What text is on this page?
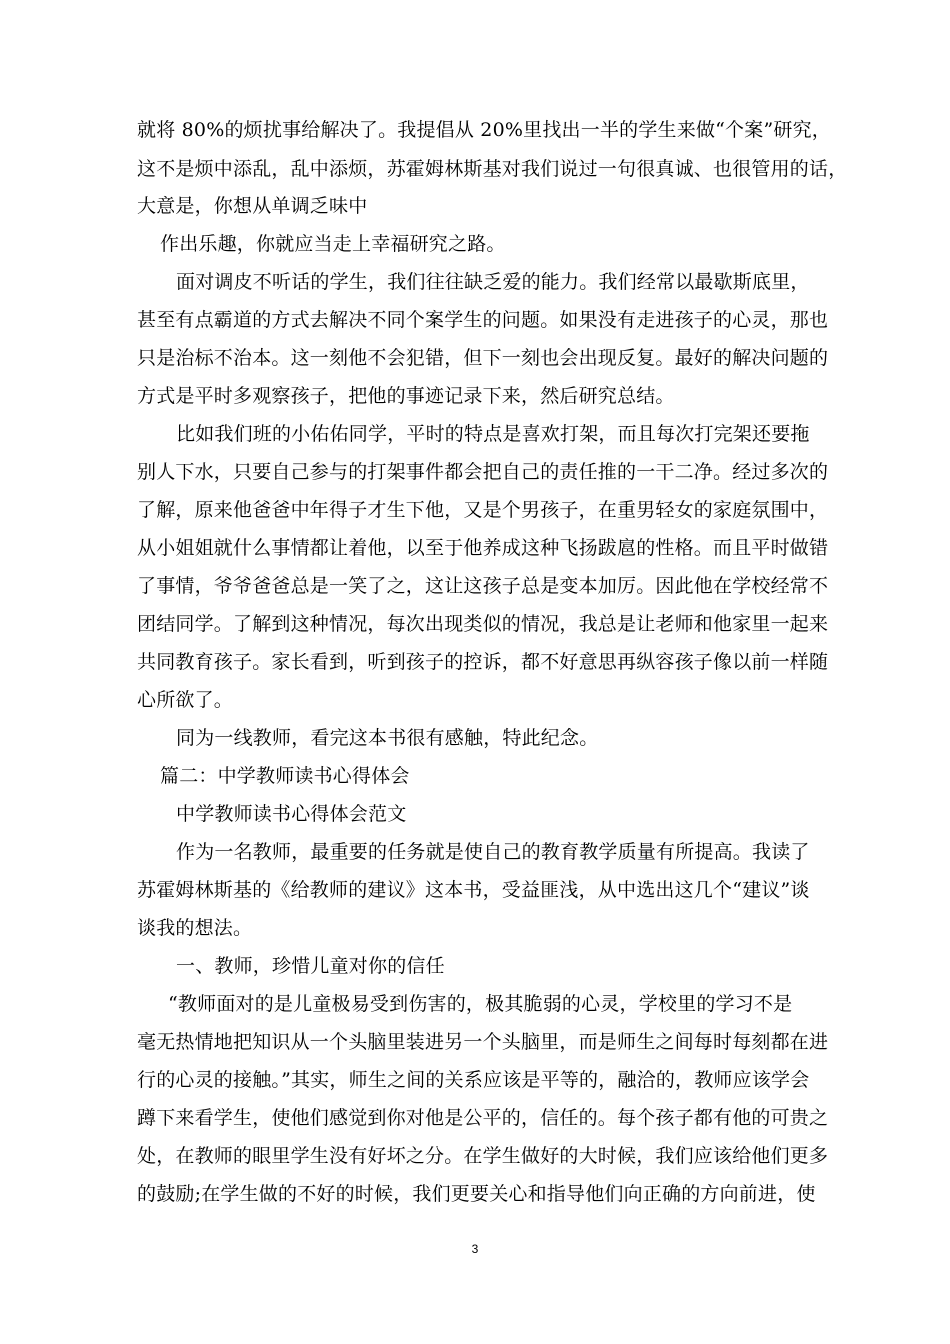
就将 80%的烦扰事给解决了。我提倡从 20%里找出一半的学生来做“个案”研究，
这不是烦中添乱，乱中添烦，苏霍姆林斯基对我们说过一句很真诚、也很管用的话，
大意是，你想从单调乏味中
作出乐趣，你就应当走上幸福研究之路。
面对调皮不听话的学生，我们往往缺乏爱的能力。我们经常以最歇斯底里，
甚至有点霸道的方式去解决不同个案学生的问题。如果没有走进孩子的心灵，那也
只是治标不治本。这一刻他不会犯错，但下一刻也会出现反复。最好的解决问题的
方式是平时多观察孩子，把他的事迹记录下来，然后研究总结。
比如我们班的小佑佑同学，平时的特点是喜欢打架，而且每次打完架还要拖
别人下水，只要自己参与的打架事件都会把自己的责任推的一干二净。经过多次的
了解，原来他爸爸中年得子才生下他，又是个男孩子，在重男轻女的家庭氛围中，
从小姐姐就什么事情都让着他，以至于他养成这种飞扬跋扈的性格。而且平时做错
了事情，爷爷爸爸总是一笑了之，这让这孩子总是变本加厉。因此他在学校经常不
团结同学。了解到这种情况，每次出现类似的情况，我总是让老师和他家里一起来
共同教育孩子。家长看到，听到孩子的控诉，都不好意思再纵容孩子像以前一样随
心所欲了。
同为一线教师，看完这本书很有感触，特此纪念。
篇二：中学教师读书心得体会
中学教师读书心得体会范文
作为一名教师，最重要的任务就是使自己的教育教学质量有所提高。我读了
苏霍姆林斯基的《给教师的建议》这本书，受益匪浅，从中选出这几个“建议”谈
谈我的想法。
一、教师，珍惜儿童对你的信任
“教师面对的是儿童极易受到伤害的，极其脆弱的心灵，学校里的学习不是
毫无热情地把知识从一个头脑里装进另一个头脑里，而是师生之间每时每刻都在进
行的心灵的接触。”其实，师生之间的关系应该是平等的，融洽的，教师应该学会
蹲下来看学生，使他们感觉到你对他是公平的，信任的。每个孩子都有他的可贵之
处，在教师的眼里学生没有好坏之分。在学生做好的大时候，我们应该给他们更多
的鼓励;在学生做的不好的时候，我们更要关心和指导他们向正确的方向前进，使
3
